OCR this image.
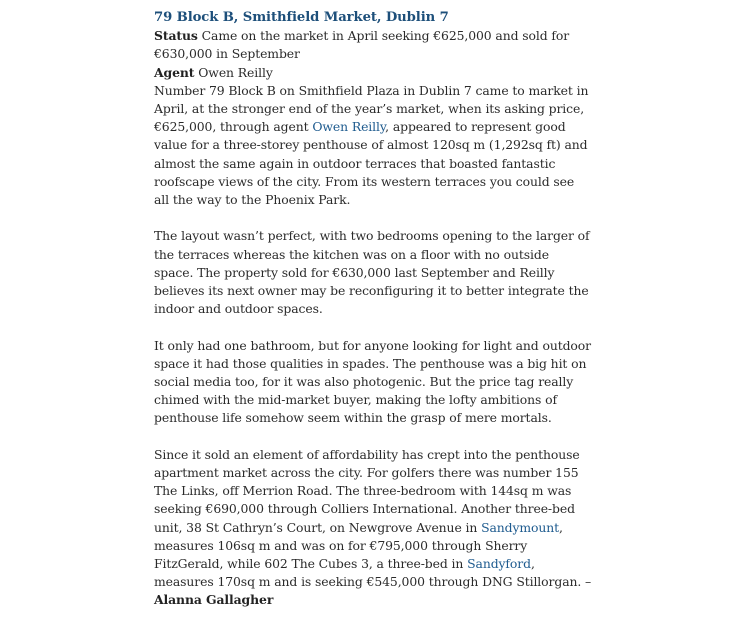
79 Block B, Smithfield Market, Dublin 7
Status Came on the market in April seeking €625,000 and sold for €630,000 in September
Agent Owen Reilly

Number 79 Block B on Smithfield Plaza in Dublin 7 came to market in April, at the stronger end of the year’s market, when its asking price, €625,000, through agent Owen Reilly, appeared to represent good value for a three-storey penthouse of almost 120sq m (1,292sq ft) and almost the same again in outdoor terraces that boasted fantastic roofscape views of the city. From its western terraces you could see all the way to the Phoenix Park.

The layout wasn’t perfect, with two bedrooms opening to the larger of the terraces whereas the kitchen was on a floor with no outside space. The property sold for €630,000 last September and Reilly believes its next owner may be reconfiguring it to better integrate the indoor and outdoor spaces.

It only had one bathroom, but for anyone looking for light and outdoor space it had those qualities in spades. The penthouse was a big hit on social media too, for it was also photogenic. But the price tag really chimed with the mid-market buyer, making the lofty ambitions of penthouse life somehow seem within the grasp of mere mortals.

Since it sold an element of affordability has crept into the penthouse apartment market across the city. For golfers there was number 155 The Links, off Merrion Road. The three-bedroom with 144sq m was seeking €690,000 through Colliers International. Another three-bed unit, 38 St Cathryn’s Court, on Newgrove Avenue in Sandymount, measures 106sq m and was on for €795,000 through Sherry FitzGerald, while 602 The Cubes 3, a three-bed in Sandyford, measures 170sq m and is seeking €545,000 through DNG Stillorgan. – Alanna Gallagher
